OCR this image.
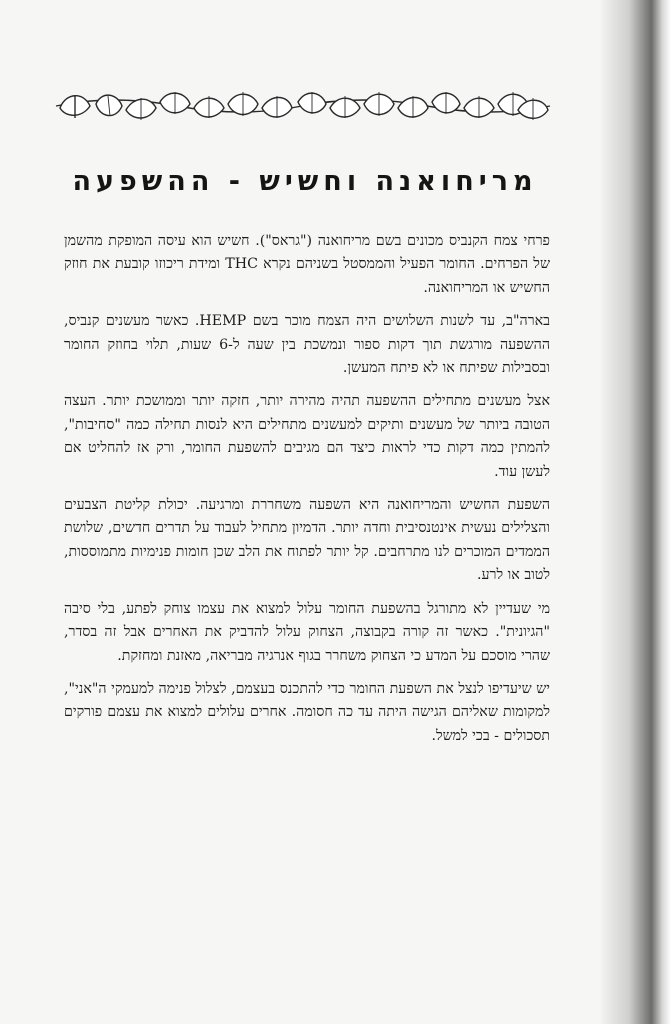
מריחואנה וחשיש - ההשפעה

פרחי צמח הקנביס מכונים בשם מריחואנה ("גראס"). חשיש הוא עיסה המופקת מהשמן של הפרחים. החומר הפעיל והממסטל בשניהם נקרא THC ומידת ריכוזו קובעת את חוזק החשיש או המריחואנה.

בארה"ב, עד לשנות השלושים היה הצמח מוכר בשם HEMP. כאשר מעשנים קנביס, ההשפעה מורגשת תוך דקות ספור ונמשכת בין שעה ל-6 שעות, תלוי בחוזק החומר ובסבילות שפיתח או לא פיתח המעשן.

אצל מעשנים מתחילים ההשפעה תהיה מהירה יותר, חזקה יותר וממושכת יותר. העצה הטובה ביותר של מעשנים ותיקים למעשנים מתחילים היא לנסות תחילה כמה "סחיבות", להמתין כמה דקות כדי לראות כיצד הם מגיבים להשפעת החומר, ורק אז להחליט אם לעשן עוד.

השפעת החשיש והמריחואנה היא השפעה משחררת ומרגיעה. יכולת קליטת הצבעים והצלילים נעשית אינטנסיבית וחדה יותר. הדמיון מתחיל לעבוד על תדרים חדשים, שלושת הממדים המוכרים לנו מתרחבים. קל יותר לפתוח את הלב שכן חומות פנימיות מתמוססות, לטוב או לרע.

מי שעדיין לא מתורגל בהשפעת החומר עלול למצוא את עצמו צוחק לפתע, בלי סיבה "הגיונית". כאשר זה קורה בקבוצה, הצחוק עלול להדביק את האחרים אבל זה בסדר, שהרי מוסכם על המדע כי הצחוק משחרר בגוף אנרגיה מבריאה, מאזנת ומחזקת.

יש שיעדיפו לנצל את השפעת החומר כדי להתכנס בעצמם, לצלול פנימה למעמקי ה"אני", למקומות שאליהם הגישה היתה עד כה חסומה. אחרים עלולים למצוא את עצמם פורקים תסכולים - בכי למשל.
